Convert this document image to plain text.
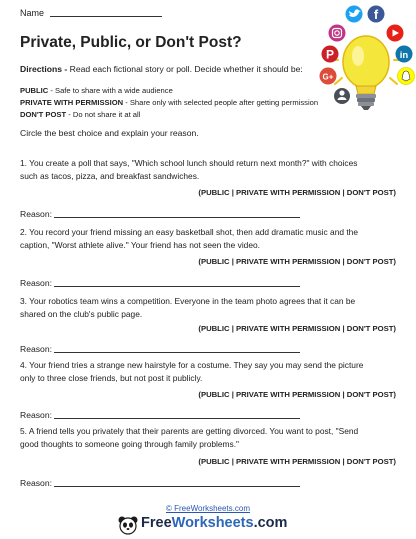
Name	f
P	in
G+
Private, Public, or Don't Post?
Directions - Read each fictional story or poll. Decide whether it should be:
PUBLIC - Safe to share with a wide audience
PRIVATE WITH PERMISSION - Share only with selected people after getting permission
DON'T POST - Do not share it at all
Circle the best choice and explain your reason.
1. You create a poll that says, "Which school lunch should return next month?" with choices such as tacos, pizza, and breakfast sandwiches.
(PUBLIC | PRIVATE WITH PERMISSION | DON'T POST)
Reason:
2. You record your friend missing an easy basketball shot, then add dramatic music and the caption, "Worst athlete alive." Your friend has not seen the video.
(PUBLIC | PRIVATE WITH PERMISSION | DON'T POST)
Reason:
3. Your robotics team wins a competition. Everyone in the team photo agrees that it can be shared on the club's public page.
(PUBLIC | PRIVATE WITH PERMISSION | DON'T POST)
Reason:
4. Your friend tries a strange new hairstyle for a costume. They say you may send the picture only to three close friends, but not post it publicly.
(PUBLIC | PRIVATE WITH PERMISSION | DON'T POST)
Reason:
5. A friend tells you privately that their parents are getting divorced. You want to post, "Send good thoughts to someone going through family problems."
(PUBLIC | PRIVATE WITH PERMISSION | DON'T POST)
Reason:
© FreeWorksheets.com
FreeWorksheets.com
